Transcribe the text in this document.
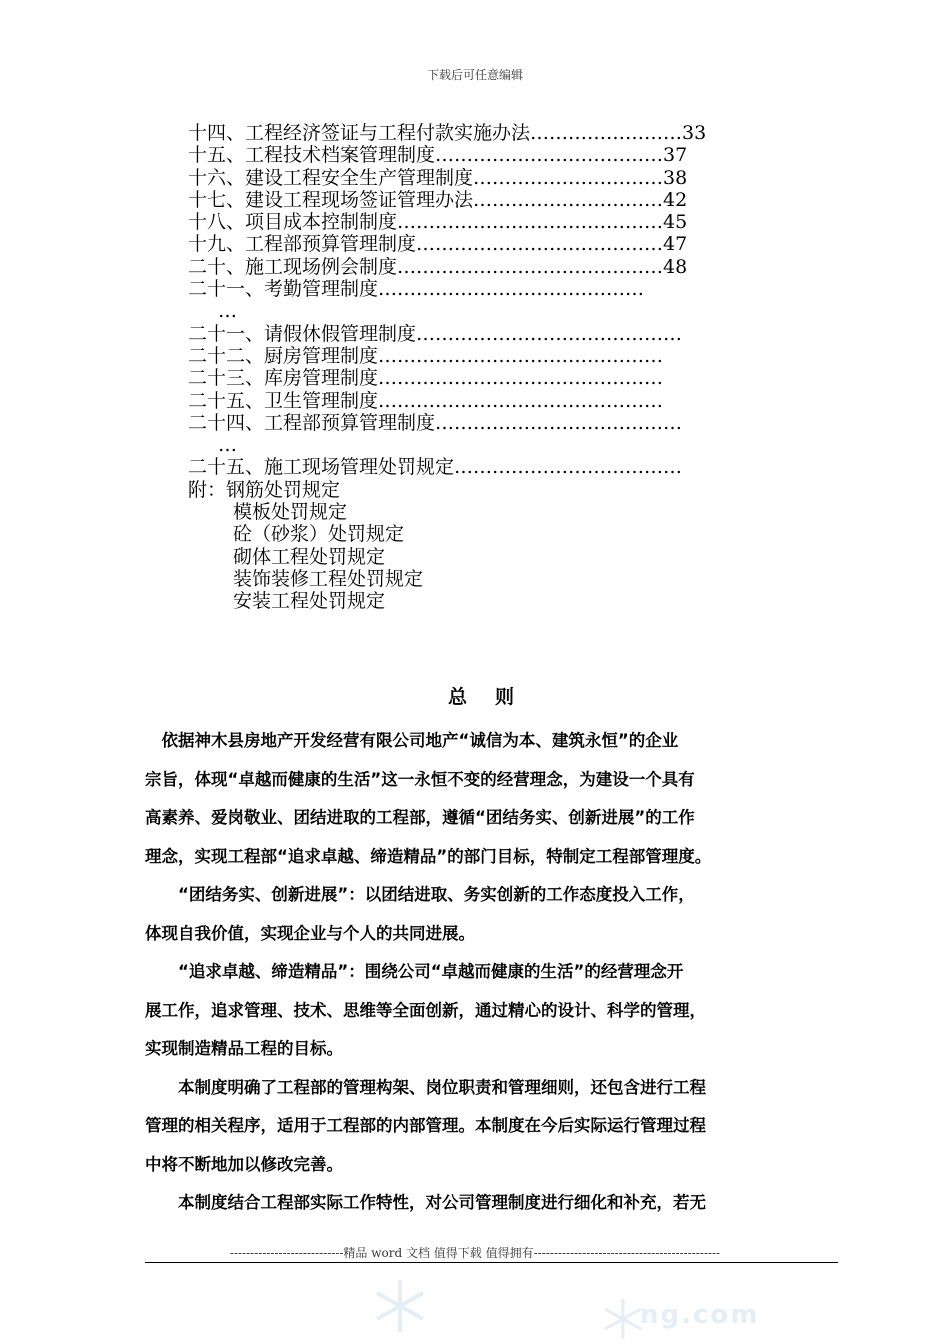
下载后可任意编辑
十四、工程经济签证与工程付款实施办法……………………33
十五、工程技术档案管理制度………………………………37
十六、建设工程安全生产管理制度…………………………38
十七、建设工程现场签证管理办法…………………………42
十八、项目成本控制制度……………………………………45
十九、工程部预算管理制度…………………………………47
二十、施工现场例会制度……………………………………48
二十一、考勤管理制度……………………………………
…
二十一、请假休假管理制度……………………………………
二十二、厨房管理制度………………………………………
二十三、库房管理制度………………………………………
二十五、卫生管理制度………………………………………
二十四、工程部预算管理制度…………………………………
…
二十五、施工现场管理处罚规定………………………………
附：钢筋处罚规定
模板处罚规定
砼（砂浆）处罚规定
砌体工程处罚规定
装饰装修工程处罚规定
安装工程处罚规定
总则
　依据神木县房地产开发经营有限公司地产“诚信为本、建筑永恒”的企业
宗旨，体现“卓越而健康的生活”这一永恒不变的经营理念，为建设一个具有
高素养、爱岗敬业、团结进取的工程部，遵循“团结务实、创新进展”的工作
理念，实现工程部“追求卓越、缔造精品”的部门目标，特制定工程部管理度。
　　“团结务实、创新进展”：以团结进取、务实创新的工作态度投入工作，
体现自我价值，实现企业与个人的共同进展。
　　“追求卓越、缔造精品”：围绕公司“卓越而健康的生活”的经营理念开
展工作，追求管理、技术、思维等全面创新，通过精心的设计、科学的管理，
实现制造精品工程的目标。
　　本制度明确了工程部的管理构架、岗位职责和管理细则，还包含进行工程
管理的相关程序，适用于工程部的内部管理。本制度在今后实际运行管理过程
中将不断地加以修改完善。
　　本制度结合工程部实际工作特性，对公司管理制度进行细化和补充，若无
----------------------------精品 word 文档 值得下载 值得拥有----------------------------------------------
ng.com
